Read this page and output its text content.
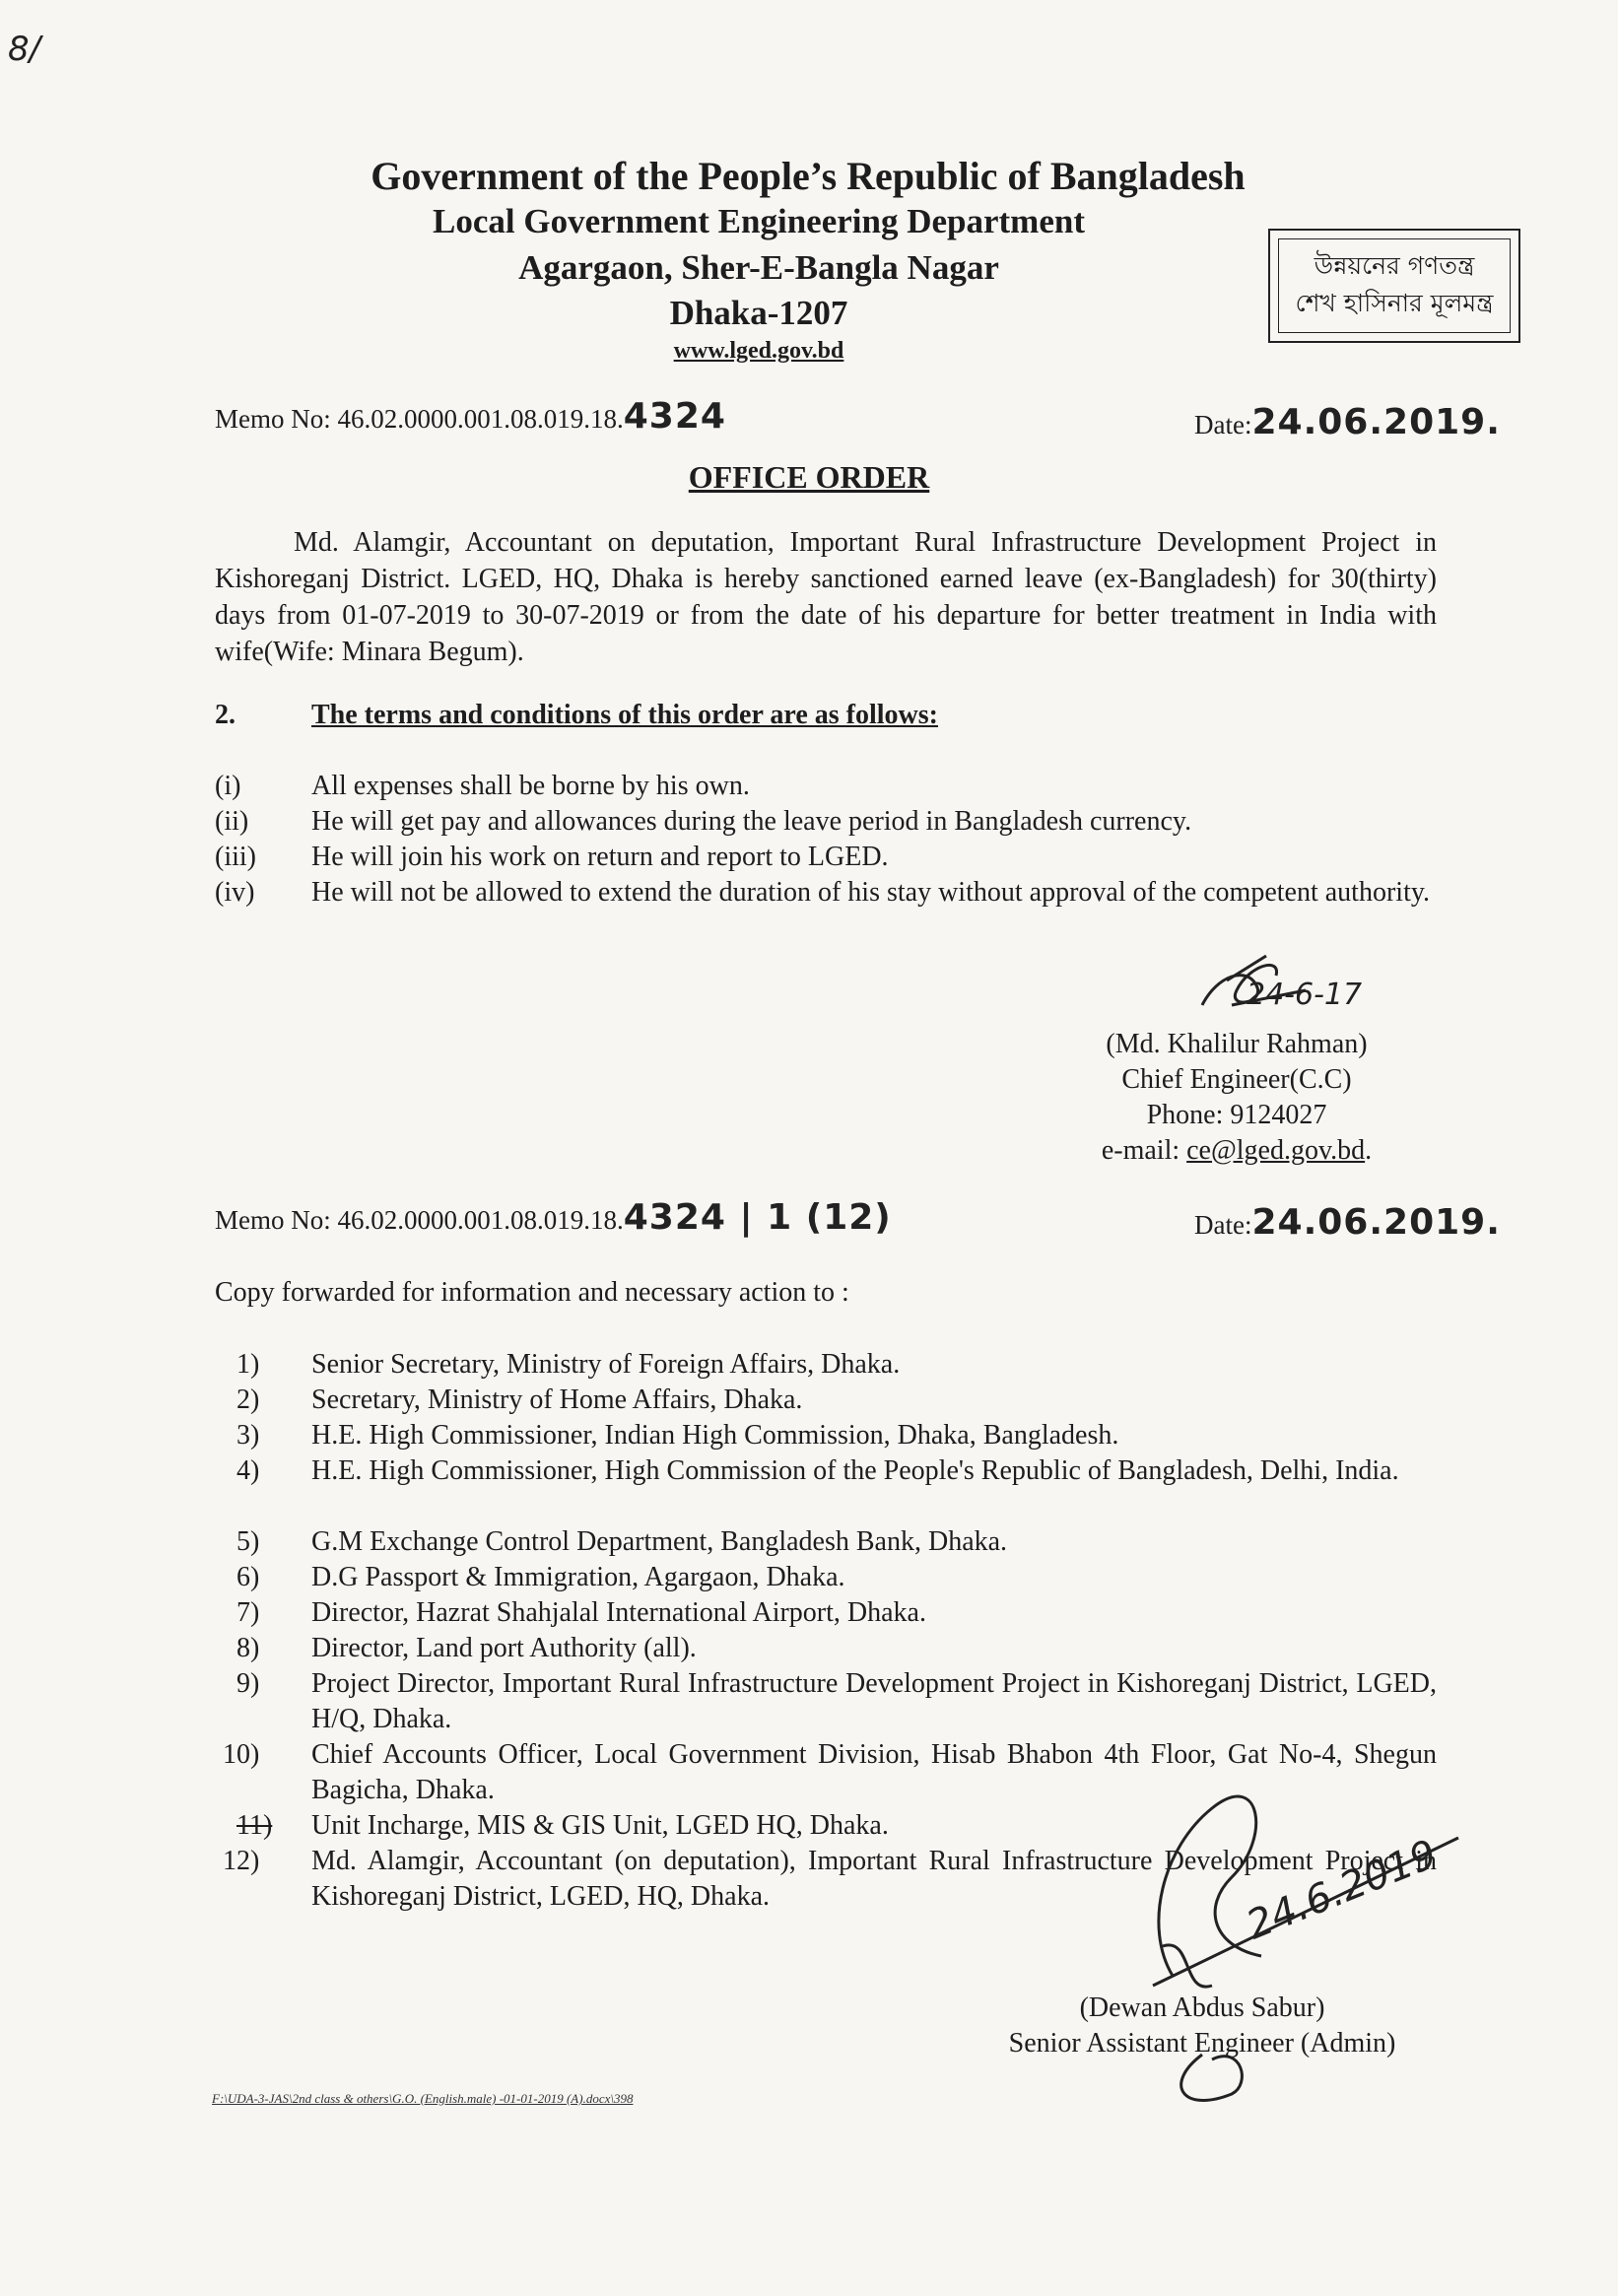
8/
Government of the People’s Republic of Bangladesh
Local Government Engineering Department
Agargaon, Sher-E-Bangla Nagar
Dhaka-1207
www.lged.gov.bd
উন্নয়নের গণতন্ত্র
শেখ হাসিনার মূলমন্ত্র
Memo No: 46.02.0000.001.08.019.18.4324	Date:24.06.2019.
OFFICE ORDER
Md. Alamgir, Accountant on deputation, Important Rural Infrastructure Development Project in Kishoreganj District. LGED, HQ, Dhaka is hereby sanctioned earned leave (ex-Bangladesh) for 30(thirty) days from 01-07-2019 to 30-07-2019 or from the date of his departure for better treatment in India with wife(Wife: Minara Begum).
2.	The terms and conditions of this order are as follows:
(i)	All expenses shall be borne by his own.
(ii) He will get pay and allowances during the leave period in Bangladesh currency.
(iii) He will join his work on return and report to LGED.
(iv) He will not be allowed to extend the duration of his stay without approval of the competent authority.
24-6-17
(Md. Khalilur Rahman)
Chief Engineer(C.C)
Phone: 9124027
e-mail: ce@lged.gov.bd.
Memo No: 46.02.0000.001.08.019.18.4324 | 1 (12)	Date:24.06.2019.
Copy forwarded for information and necessary action to :
1) Senior Secretary, Ministry of Foreign Affairs, Dhaka.
2) Secretary, Ministry of Home Affairs, Dhaka.
3) H.E. High Commissioner, Indian High Commission, Dhaka, Bangladesh.
4) H.E. High Commissioner, High Commission of the People's Republic of Bangladesh, Delhi, India.
5) G.M Exchange Control Department, Bangladesh Bank, Dhaka.
6) D.G Passport & Immigration, Agargaon, Dhaka.
7) Director, Hazrat Shahjalal International Airport, Dhaka.
8) Director, Land port Authority (all).
9) Project Director, Important Rural Infrastructure Development Project in Kishoreganj District, LGED, H/Q, Dhaka.
10) Chief Accounts Officer, Local Government Division, Hisab Bhabon 4th Floor, Gat No-4, Shegun Bagicha, Dhaka.
11) Unit Incharge, MIS & GIS Unit, LGED HQ, Dhaka.
12) Md. Alamgir, Accountant (on deputation), Important Rural Infrastructure Development Project in Kishoreganj District, LGED, HQ, Dhaka.	24.6.2019
(Dewan Abdus Sabur)
Senior Assistant Engineer (Admin)
F:\UDA-3-JAS\2nd class & others\G.O. (English.male) -01-01-2019 (A).docx\398
